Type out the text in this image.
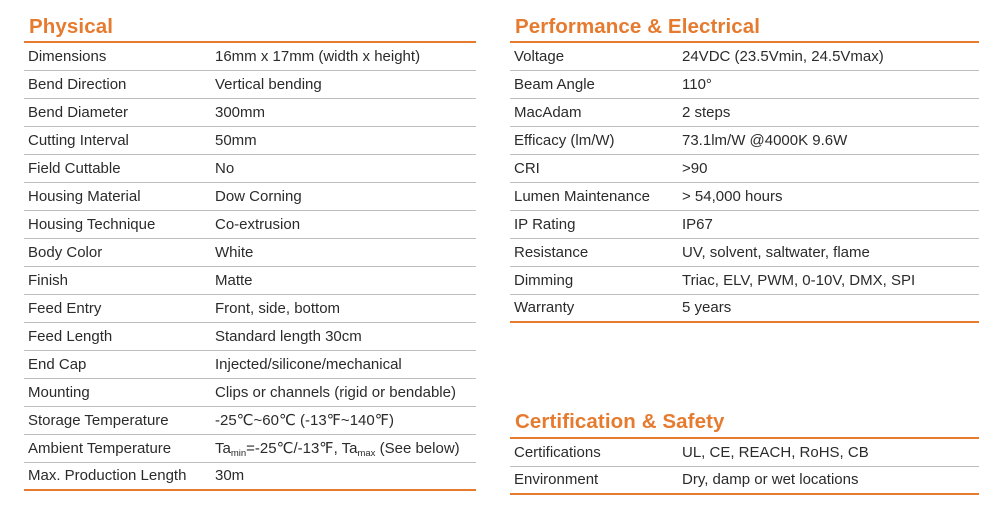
Physical
Dimensions	16mm x 17mm (width x height)
Bend Direction	Vertical bending
Bend Diameter	300mm
Cutting Interval	50mm
Field Cuttable	No
Housing Material	Dow Corning
Housing Technique	Co-extrusion
Body Color	White
Finish	Matte
Feed Entry	Front, side, bottom
Feed Length	Standard length 30cm
End Cap	Injected/silicone/mechanical
Mounting	Clips or channels (rigid or bendable)
Storage Temperature	-25℃~60℃ (-13℉~140℉)
Ambient Temperature	$Ta_{min}=-25℃/-13℉$, $Ta_{max}$ (See below)
Max. Production Length 30m
Performance & Electrical
Voltage	24VDC (23.5Vmin, 24.5Vmax)
Beam Angle	110°
MacAdam	2 steps
Efficacy (lm/W)	73.1lm/W @4000K 9.6W
CRI	>90
Lumen Maintenance > 54,000 hours
IP Rating	IP67
Resistance	UV, solvent, saltwater, flame
Dimming	Triac, ELV, PWM, 0-10V, DMX, SPI
Warranty	5 years
Certification & Safety
Certifications	UL, CE, REACH, RoHS, CB
Environment	Dry, damp or wet locations
